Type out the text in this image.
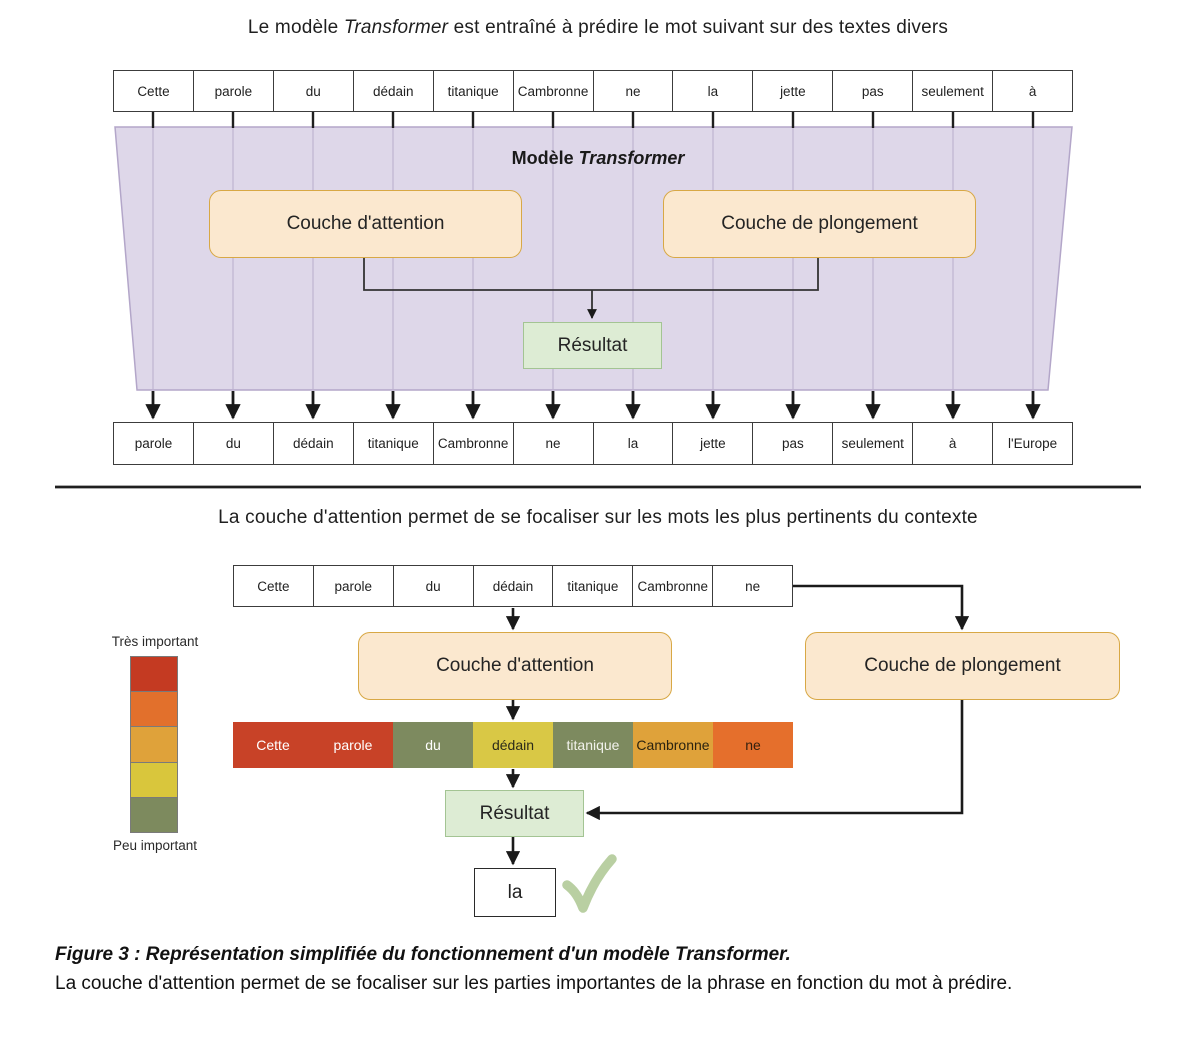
Le modèle Transformer est entraîné à prédire le mot suivant sur des textes divers
Cette	parole	du	dédain	titanique	Cambronne	ne	la	jette	pas	seulement	à
Modèle Transformer
Couche d'attention	Couche de plongement
Résultat
parole	du	dédain	titanique	Cambronne	ne	la	jette	pas	seulement	à	l'Europe
La couche d'attention permet de se focaliser sur les mots les plus pertinents du contexte
Cette	parole	du	dédain	titanique	Cambronne	ne
Très important
Peu important
Couche d'attention	Couche de plongement
Cette	parole	du	dédain	titanique	Cambronne	ne
Résultat
la
Figure 3 : Représentation simplifiée du fonctionnement d'un modèle Transformer.
La couche d'attention permet de se focaliser sur les parties importantes de la phrase en fonction du mot à prédire.
